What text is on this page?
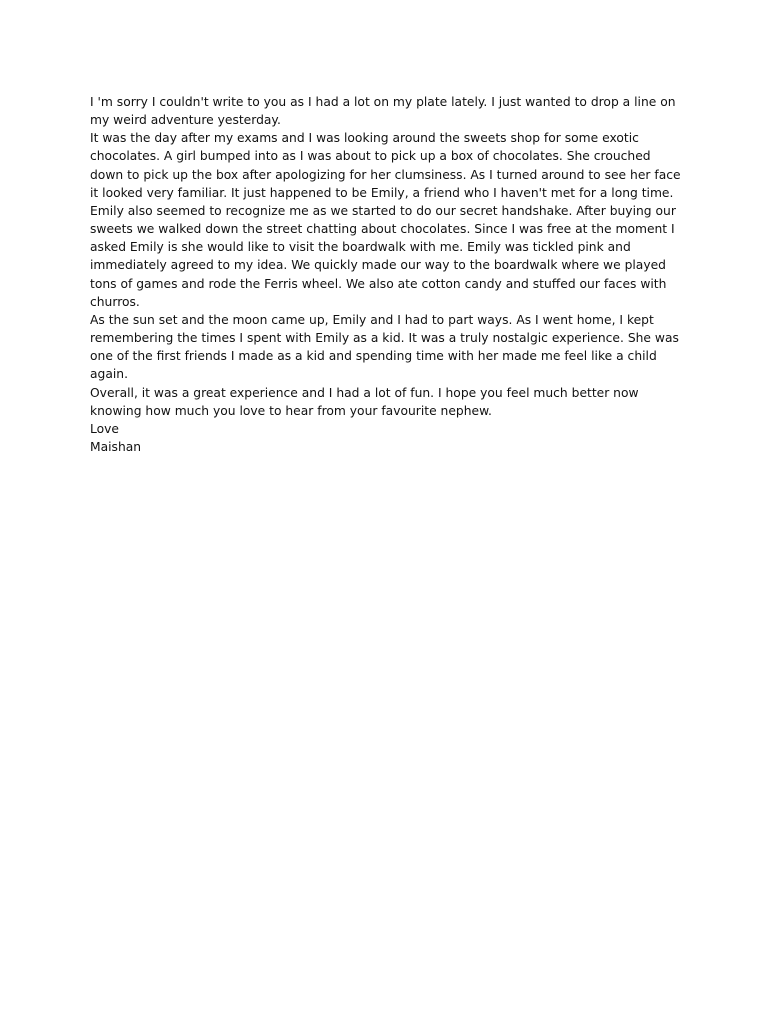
I 'm sorry I couldn't write to you as I had a lot on my plate lately. I just wanted to drop a line on my weird adventure yesterday.

It was the day after my exams and I was looking around the sweets shop for some exotic chocolates. A girl bumped into as I was about to pick up a box of chocolates. She crouched down to pick up the box after apologizing for her clumsiness. As I turned around to see her face it looked very familiar. It just happened to be Emily, a friend who I haven't met for a long time.

Emily also seemed to recognize me as we started to do our secret handshake. After buying our sweets we walked down the street chatting about chocolates. Since I was free at the moment I asked Emily is she would like to visit the boardwalk with me. Emily was tickled pink and immediately agreed to my idea. We quickly made our way to the boardwalk where we played tons of games and rode the Ferris wheel. We also ate cotton candy and stuffed our faces with churros.

As the sun set and the moon came up, Emily and I had to part ways. As I went home, I kept remembering the times I spent with Emily as a kid. It was a truly nostalgic experience. She was one of the first friends I made as a kid and spending time with her made me feel like a child again.

Overall, it was a great experience and I had a lot of fun. I hope you feel much better now knowing how much you love to hear from your favourite nephew.

Love

Maishan
